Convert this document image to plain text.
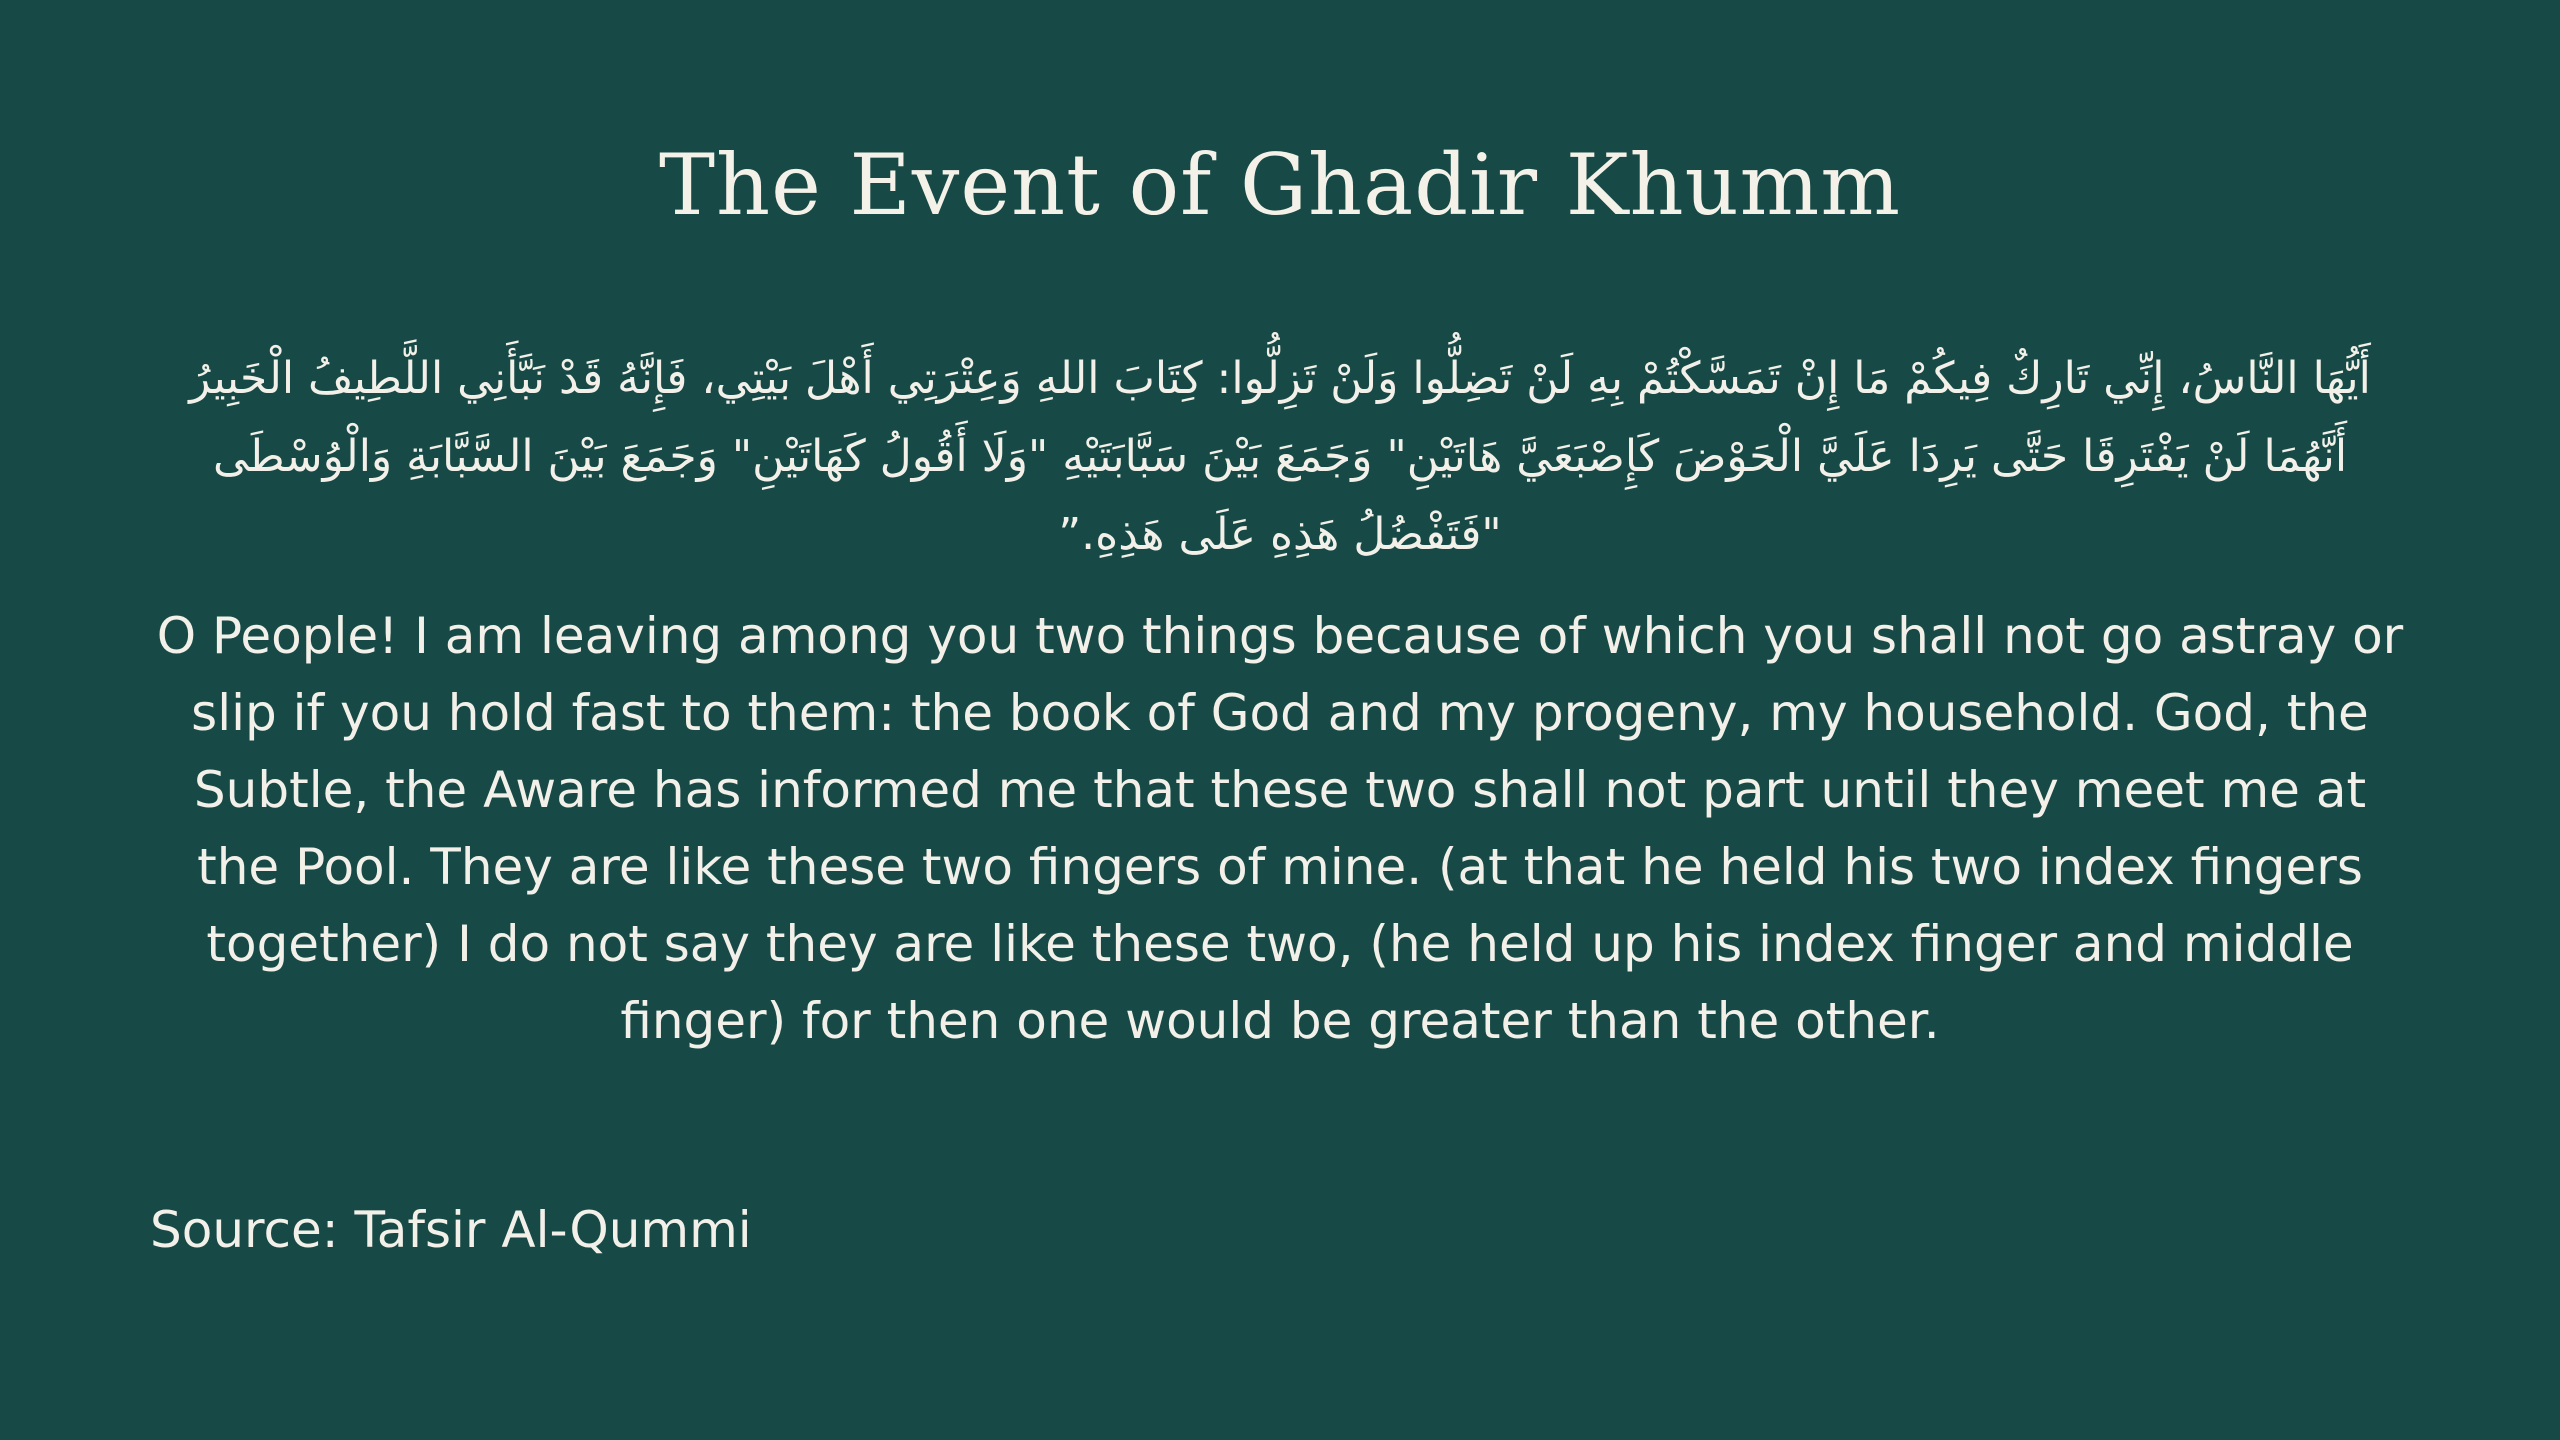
The Event of Ghadir Khumm

أَيُّهَا النَّاسُ، إِنِّي تَارِكٌ فِيكُمْ مَا إِنْ تَمَسَّكْتُمْ بِهِ لَنْ تَضِلُّوا وَلَنْ تَزِلُّوا: كِتَابَ اللهِ وَعِتْرَتِي أَهْلَ بَيْتِي، فَإِنَّهُ قَدْ نَبَّأَنِي اللَّطِيفُ الْخَبِيرُ أَنَّهُمَا لَنْ يَفْتَرِقَا حَتَّى يَرِدَا عَلَيَّ الْحَوْضَ كَإِصْبَعَيَّ هَاتَيْنِ" وَجَمَعَ بَيْنَ سَبَّابَتَيْهِ "وَلَا أَقُولُ كَهَاتَيْنِ" وَجَمَعَ بَيْنَ السَّبَّابَةِ وَالْوُسْطَى "فَتَفْضُلُ هَذِهِ عَلَى هَذِهِ.”

O People! I am leaving among you two things because of which you shall not go astray or slip if you hold fast to them: the book of God and my progeny, my household. God, the Subtle, the Aware has informed me that these two shall not part until they meet me at the Pool. They are like these two fingers of mine. (at that he held his two index fingers together) I do not say they are like these two, (he held up his index finger and middle finger) for then one would be greater than the other.

Source: Tafsir Al-Qummi
